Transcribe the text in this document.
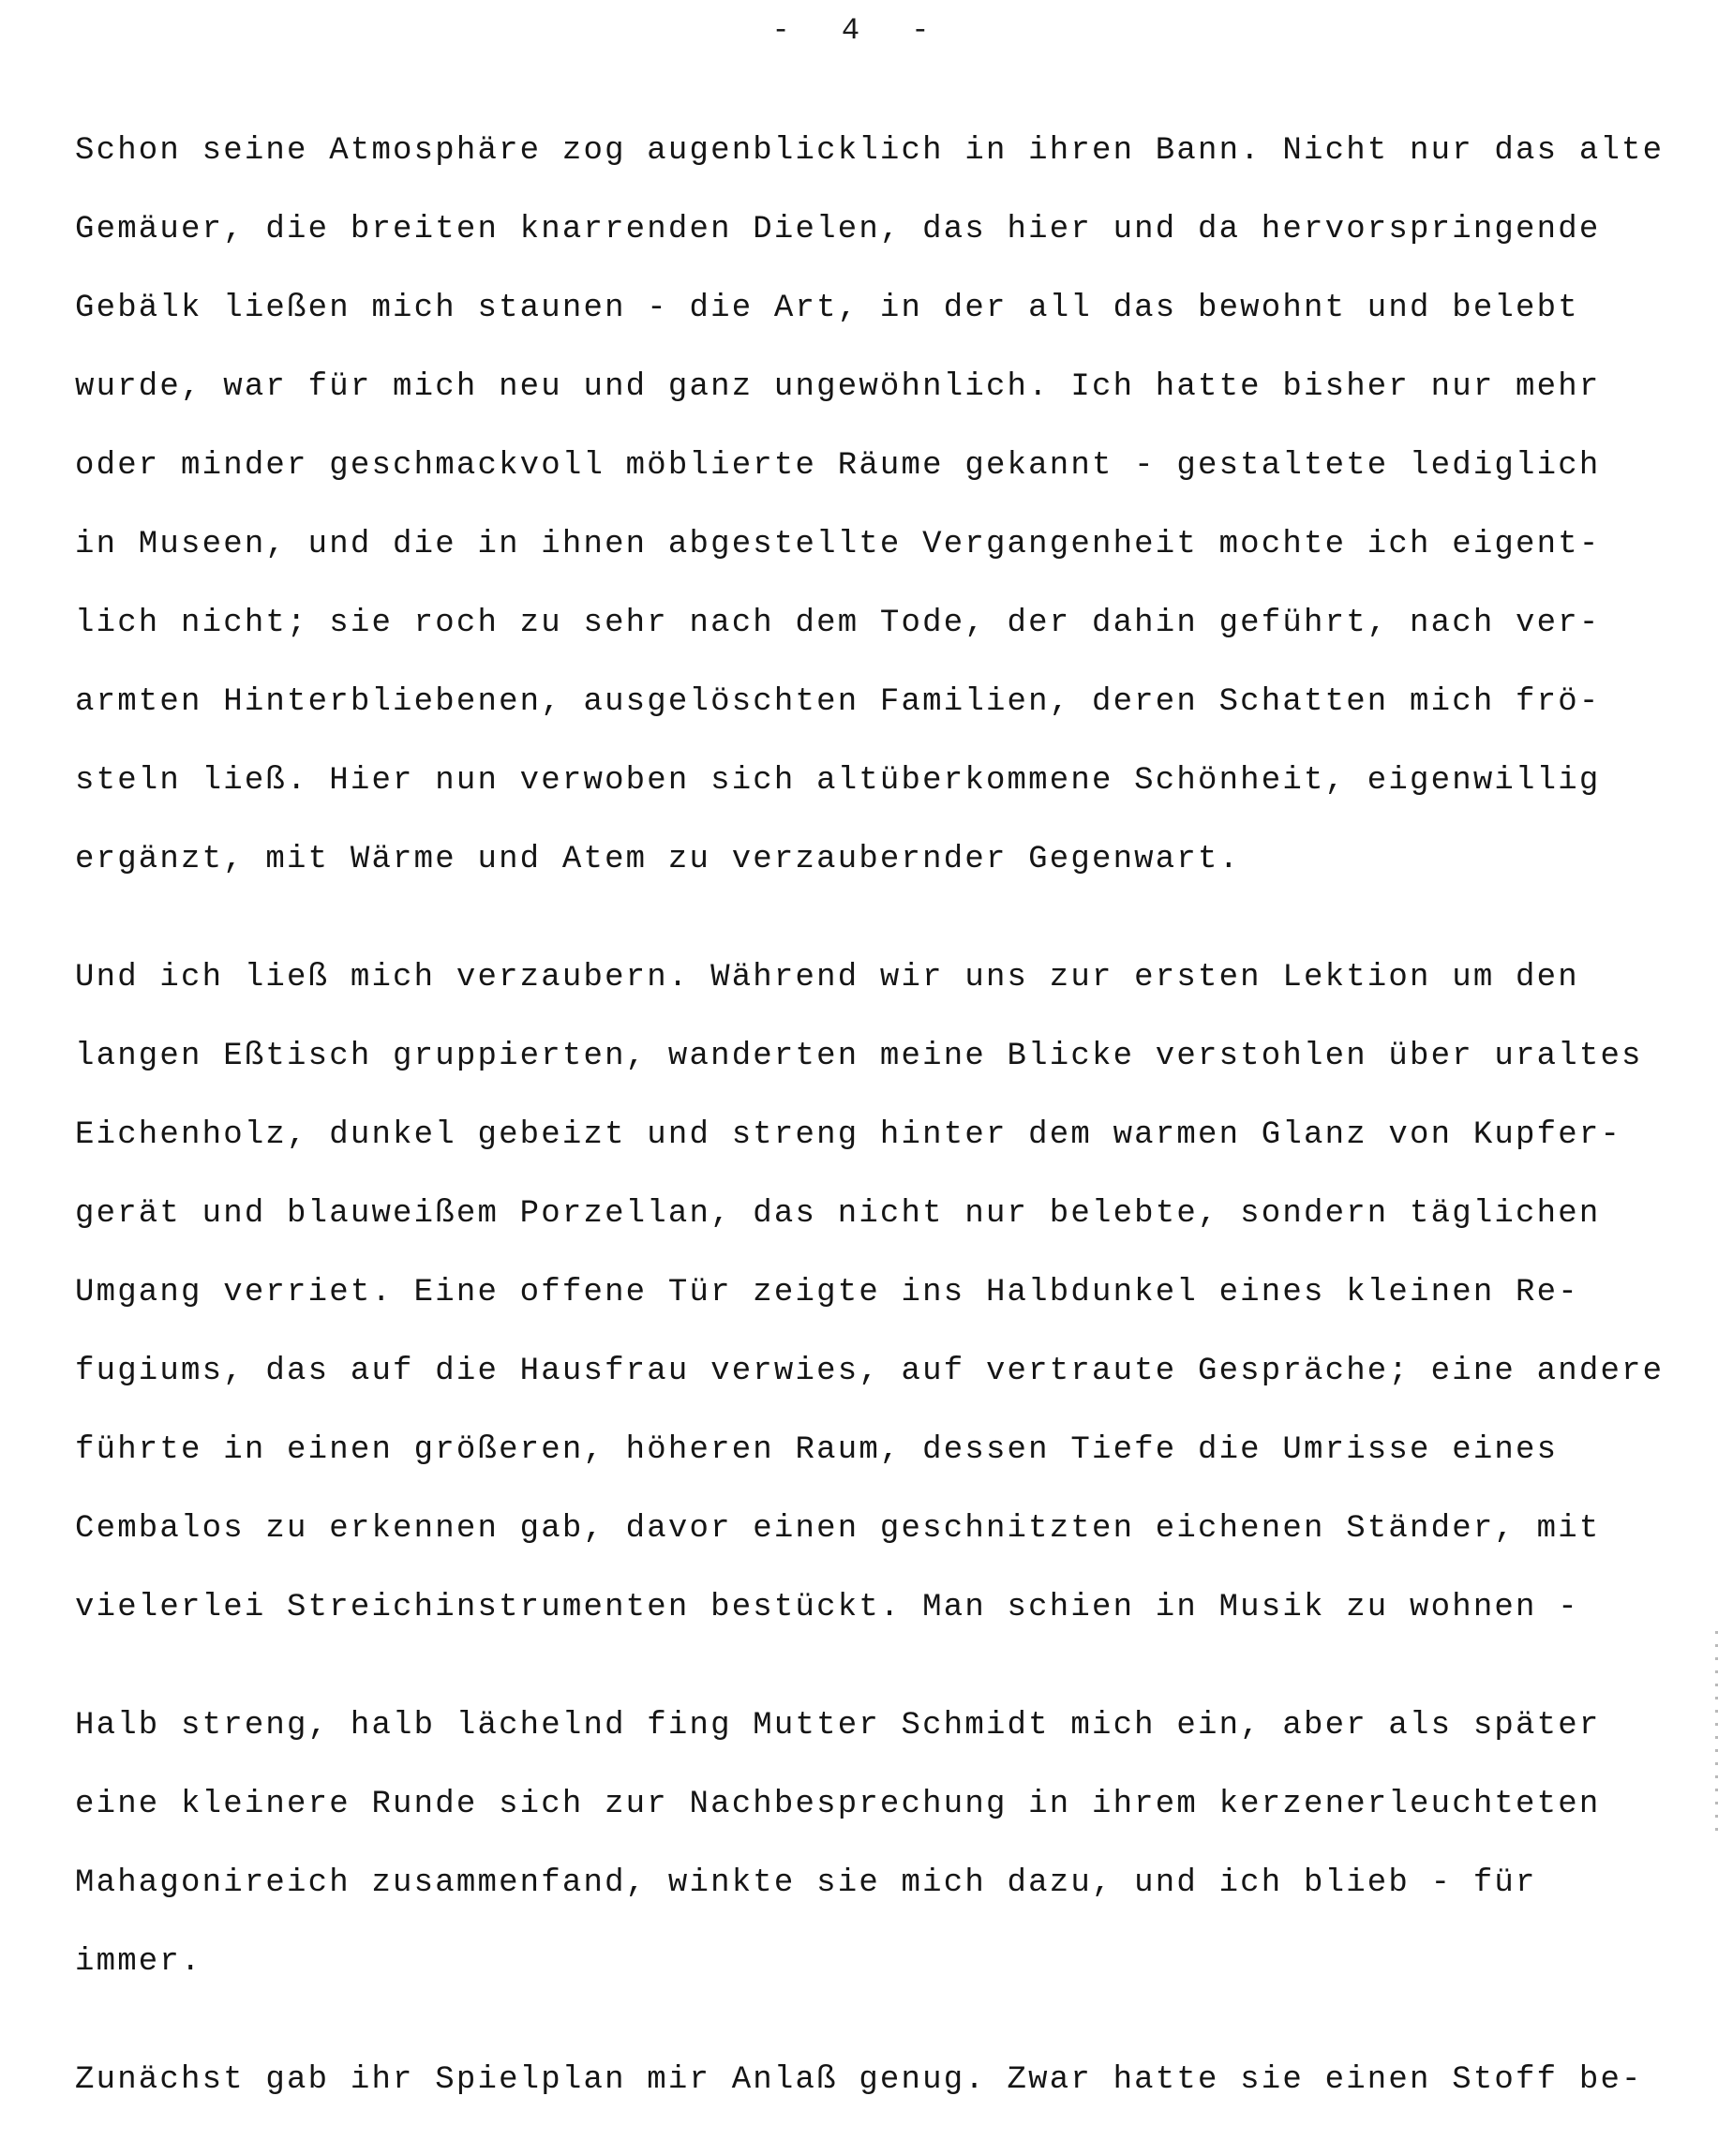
- 4 -
Schon seine Atmosphäre zog augenblicklich in ihren Bann. Nicht nur das alte
Gemäuer, die breiten knarrenden Dielen, das hier und da hervorspringende
Gebälk ließen mich staunen - die Art, in der all das bewohnt und belebt
wurde, war für mich neu und ganz ungewöhnlich. Ich hatte bisher nur mehr
oder minder geschmackvoll möblierte Räume gekannt - gestaltete lediglich
in Museen, und die in ihnen abgestellte Vergangenheit mochte ich eigent-
lich nicht; sie roch zu sehr nach dem Tode, der dahin geführt, nach ver-
armten Hinterbliebenen, ausgelöschten Familien, deren Schatten mich frö-
steln ließ. Hier nun verwoben sich altüberkommene Schönheit, eigenwillig
ergänzt, mit Wärme und Atem zu verzaubernder Gegenwart.
Und ich ließ mich verzaubern. Während wir uns zur ersten Lektion um den
langen Eßtisch gruppierten, wanderten meine Blicke verstohlen über uraltes
Eichenholz, dunkel gebeizt und streng hinter dem warmen Glanz von Kupfer-
gerät und blauweißem Porzellan, das nicht nur belebte, sondern täglichen
Umgang verriet. Eine offene Tür zeigte ins Halbdunkel eines kleinen Re-
fugiums, das auf die Hausfrau verwies, auf vertraute Gespräche; eine andere
führte in einen größeren, höheren Raum, dessen Tiefe die Umrisse eines
Cembalos zu erkennen gab, davor einen geschnitzten eichenen Ständer, mit
vielerlei Streichinstrumenten bestückt. Man schien in Musik zu wohnen -
Halb streng, halb lächelnd fing Mutter Schmidt mich ein, aber als später
eine kleinere Runde sich zur Nachbesprechung in ihrem kerzenerleuchteten
Mahagonireich zusammenfand, winkte sie mich dazu, und ich blieb - für
immer.
Zunächst gab ihr Spielplan mir Anlaß genug. Zwar hatte sie einen Stoff be-
